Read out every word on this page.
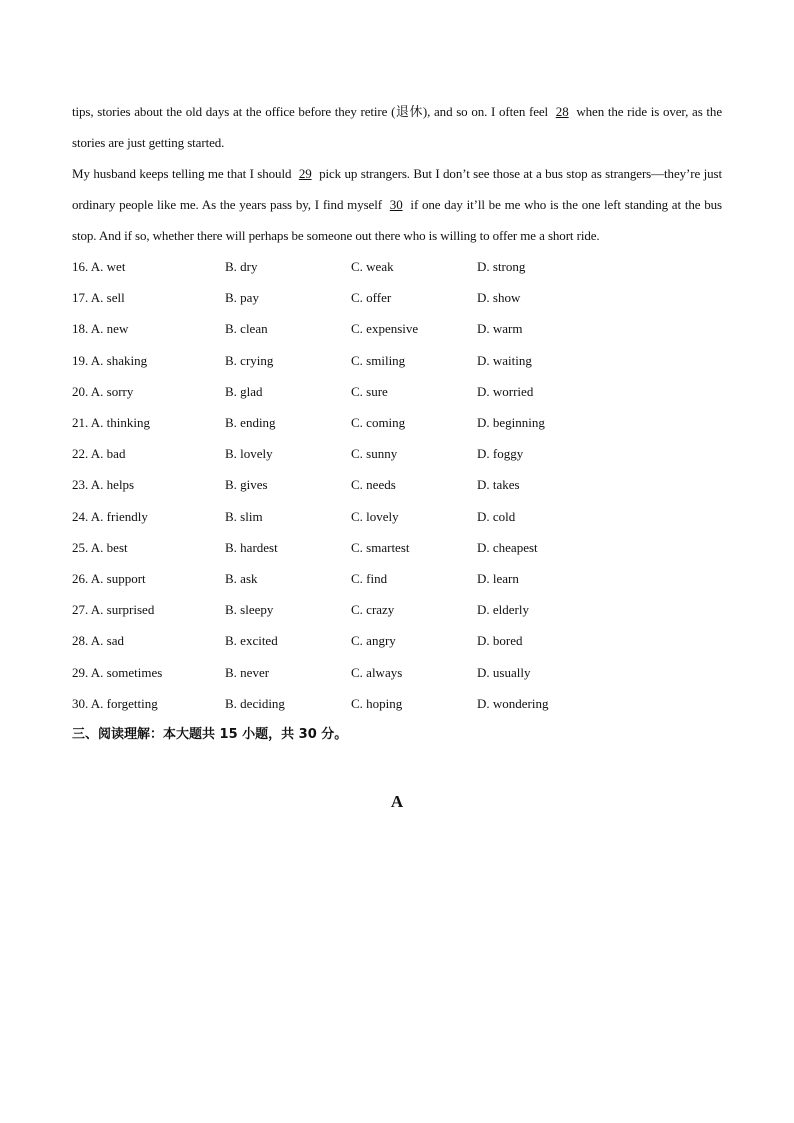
tips, stories about the old days at the office before they retire (退休), and so on. I often feel 28 when the ride is over, as the stories are just getting started.

My husband keeps telling me that I should 29 pick up strangers. But I don’t see those at a bus stop as strangers—they’re just ordinary people like me. As the years pass by, I find myself 30 if one day it’ll be me who is the one left standing at the bus stop. And if so, whether there will perhaps be someone out there who is willing to offer me a short ride.

16. A. wet	B. dry	C. weak	D. strong
17. A. sell	B. pay	C. offer	D. show
18. A. new	B. clean	C. expensive	D. warm
19. A. shaking	B. crying	C. smiling	D. waiting
20. A. sorry	B. glad	C. sure	D. worried
21. A. thinking	B. ending	C. coming	D. beginning
22. A. bad	B. lovely	C. sunny	D. foggy
23. A. helps	B. gives	C. needs	D. takes
24. A. friendly	B. slim	C. lovely	D. cold
25. A. best	B. hardest	C. smartest	D. cheapest
26. A. support	B. ask	C. find	D. learn
27. A. surprised	B. sleepy	C. crazy	D. elderly
28. A. sad	B. excited	C. angry	D. bored
29. A. sometimes	B. never	C. always	D. usually
30. A. forgetting	B. deciding	C. hoping	D. wondering
三、阅读理解：本大题共 15 小题，共 30 分。
A
